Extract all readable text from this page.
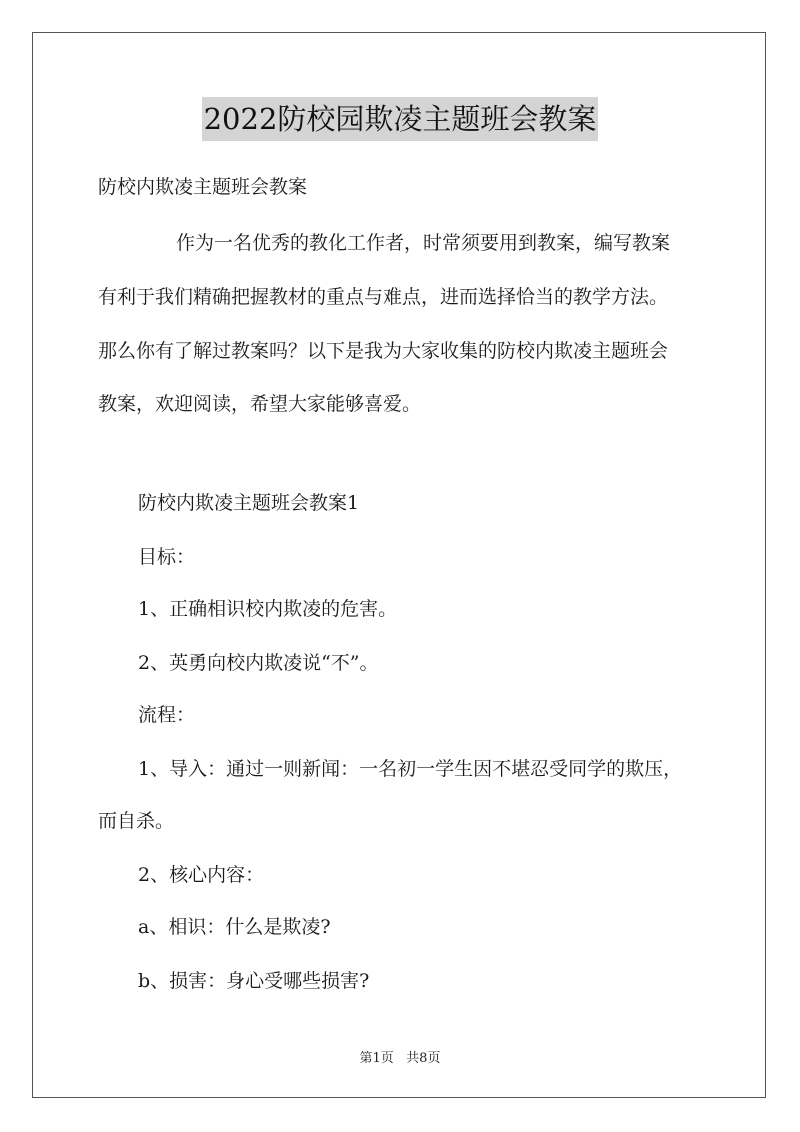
2022防校园欺凌主题班会教案
防校内欺凌主题班会教案
作为一名优秀的教化工作者，时常须要用到教案，编写教案
有利于我们精确把握教材的重点与难点，进而选择恰当的教学方法。
那么你有了解过教案吗？以下是我为大家收集的防校内欺凌主题班会
教案，欢迎阅读，希望大家能够喜爱。
防校内欺凌主题班会教案1
目标：
1、正确相识校内欺凌的危害。
2、英勇向校内欺凌说“不”。
流程：
1、导入：通过一则新闻：一名初一学生因不堪忍受同学的欺压，
而自杀。
2、核心内容：
a、相识：什么是欺凌?
b、损害：身心受哪些损害?
第1页   共8页
